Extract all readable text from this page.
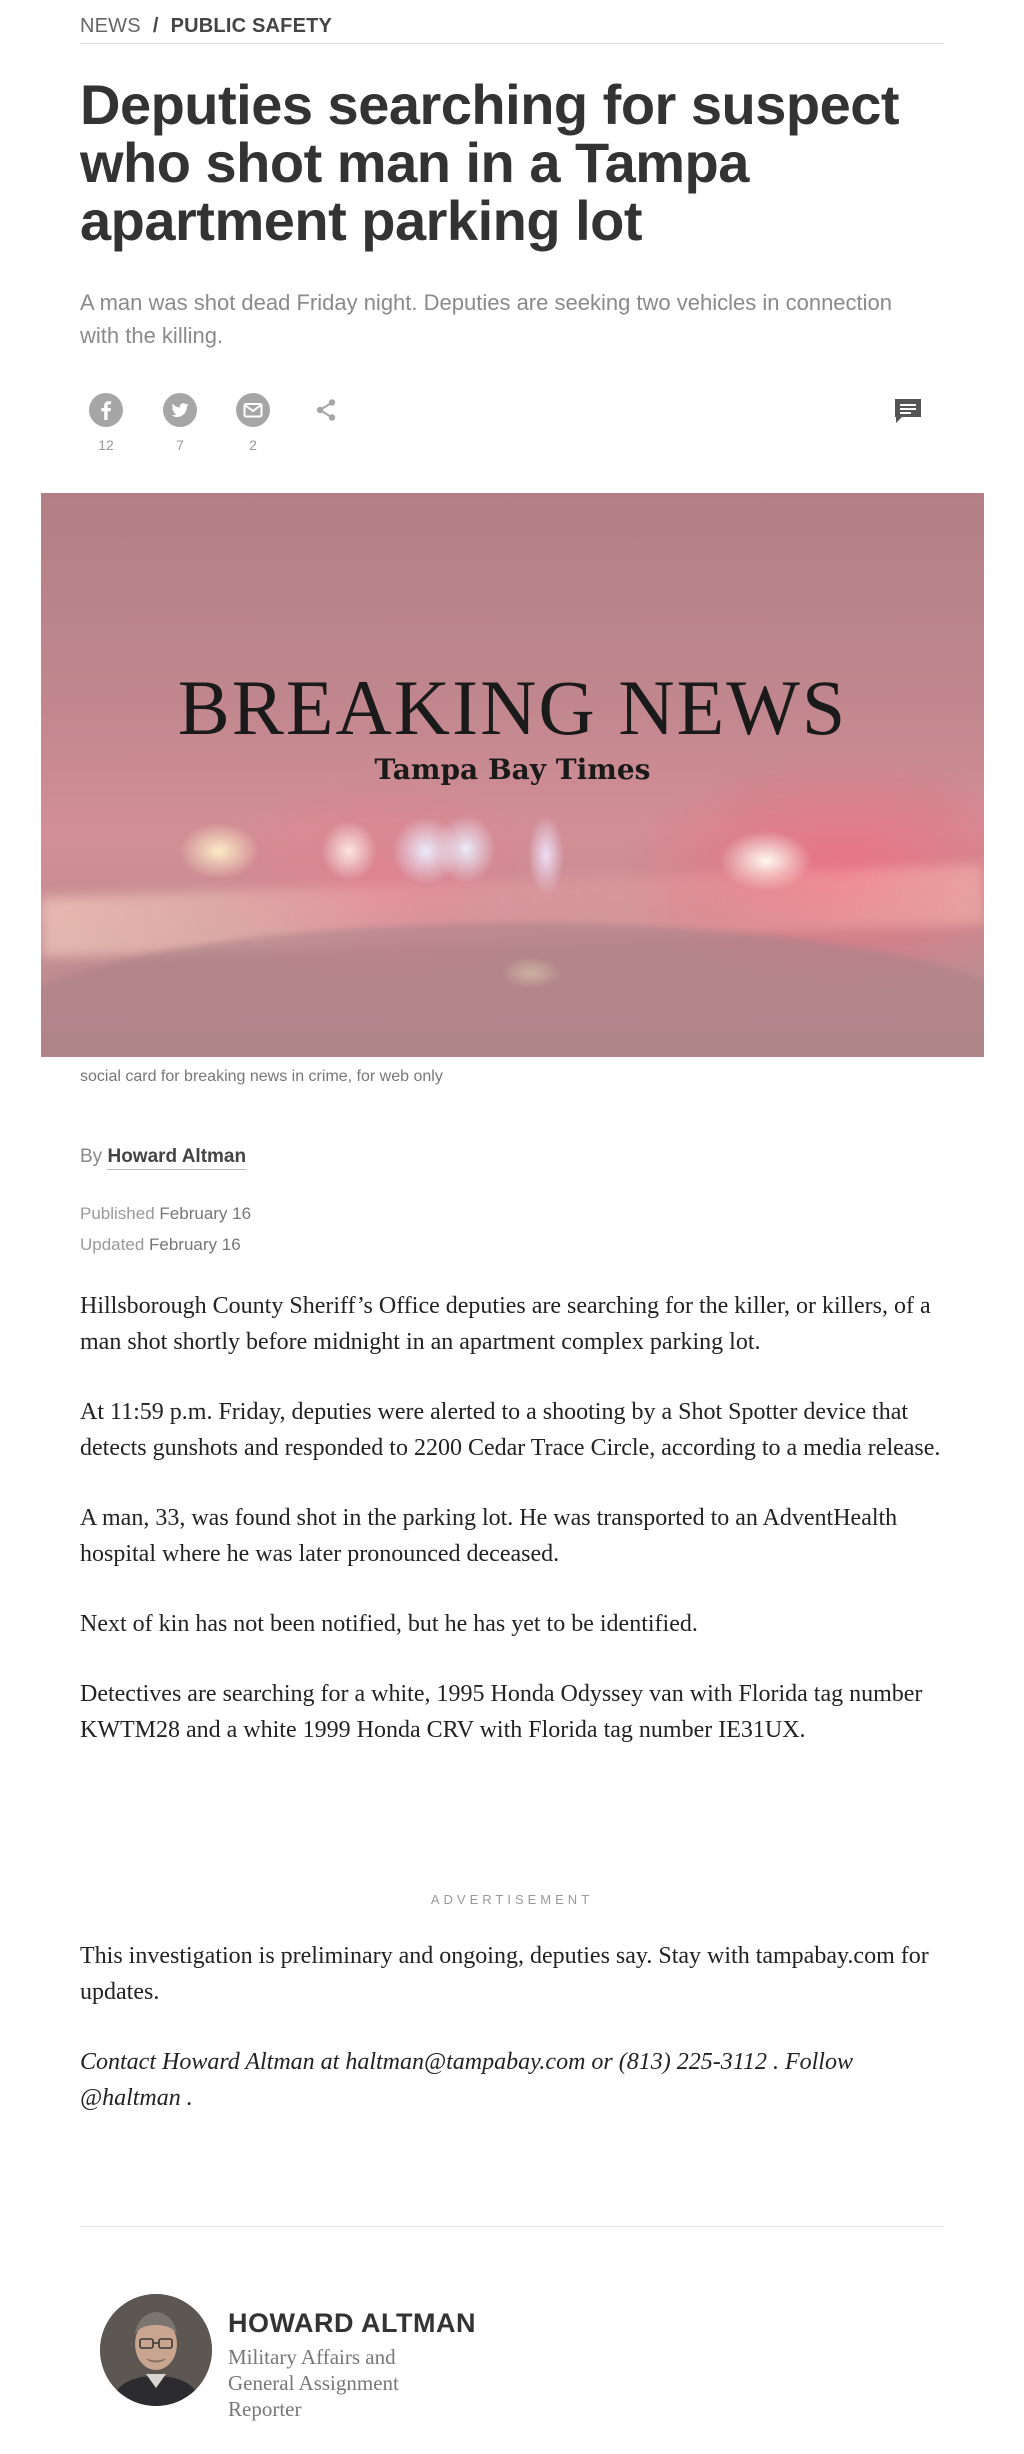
NEWS / PUBLIC SAFETY
Deputies searching for suspect who shot man in a Tampa apartment parking lot

A man was shot dead Friday night. Deputies are seeking two vehicles in connection with the killing.

12	7	2
BREAKING NEWS
Tampa Bay Times
social card for breaking news in crime, for web only
By Howard Altman
Published February 16
Updated February 16

Hillsborough County Sheriff’s Office deputies are searching for the killer, or killers, of a man shot shortly before midnight in an apartment complex parking lot.

At 11:59 p.m. Friday, deputies were alerted to a shooting by a Shot Spotter device that detects gunshots and responded to 2200 Cedar Trace Circle, according to a media release.

A man, 33, was found shot in the parking lot. He was transported to an AdventHealth hospital where he was later pronounced deceased.

Next of kin has not been notified, but he has yet to be identified.

Detectives are searching for a white, 1995 Honda Odyssey van with Florida tag number KWTM28 and a white 1999 Honda CRV with Florida tag number IE31UX.

ADVERTISEMENT

This investigation is preliminary and ongoing, deputies say. Stay with tampabay.com for updates.

Contact Howard Altman at haltman@tampabay.com or (813) 225-3112 . Follow @haltman .

HOWARD ALTMAN
Military Affairs and General Assignment Reporter
